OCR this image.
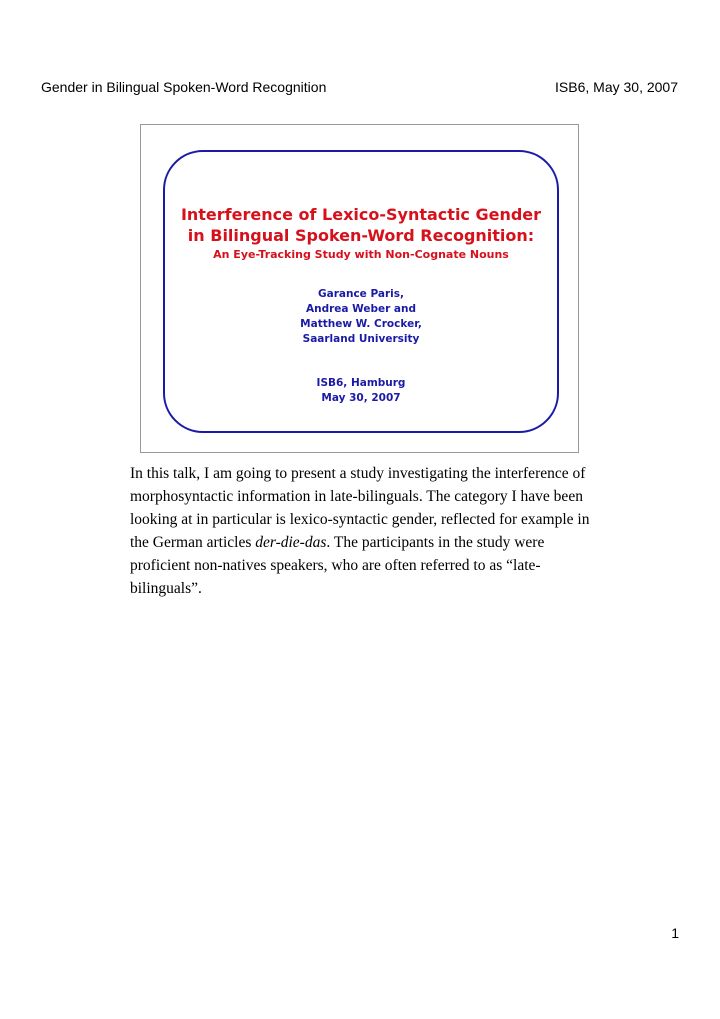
Gender in Bilingual Spoken-Word Recognition	ISB6, May 30, 2007
Interference of Lexico-Syntactic Gender
in Bilingual Spoken-Word Recognition:
An Eye-Tracking Study with Non-Cognate Nouns
Garance Paris,
Andrea Weber and
Matthew W. Crocker,
Saarland University
ISB6, Hamburg
May 30, 2007
In this talk, I am going to present a study investigating the interference of morphosyntactic information in late-bilinguals. The category I have been looking at in particular is lexico-syntactic gender, reflected for example in the German articles der-die-das. The participants in the study were proficient non-natives speakers, who are often referred to as “late-bilinguals”.
1
